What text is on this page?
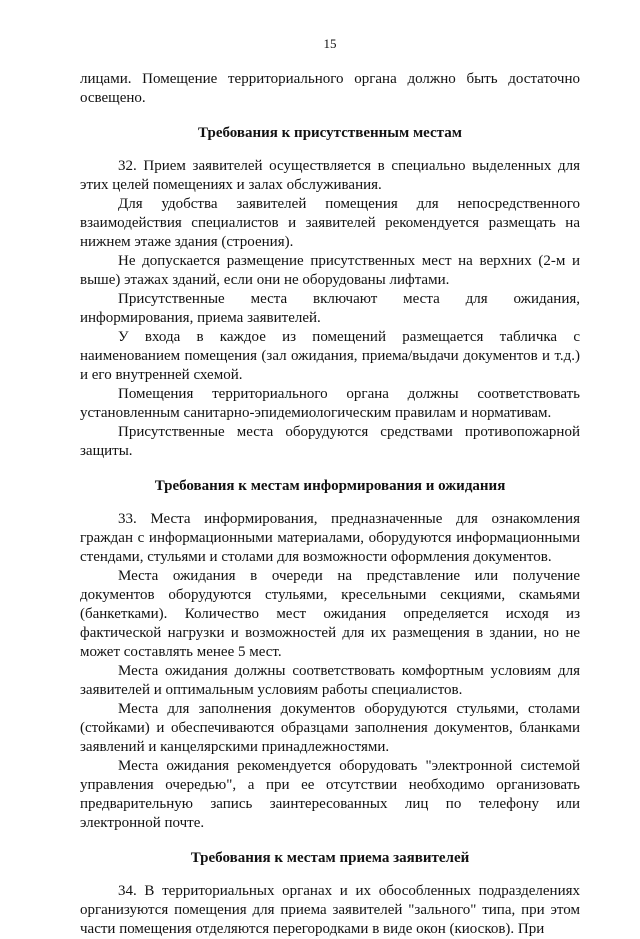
15

лицами. Помещение территориального органа должно быть достаточно освещено.

Требования к присутственным местам

32. Прием заявителей осуществляется в специально выделенных для этих целей помещениях и залах обслуживания.

Для удобства заявителей помещения для непосредственного взаимодействия специалистов и заявителей рекомендуется размещать на нижнем этаже здания (строения).

Не допускается размещение присутственных мест на верхних (2-м и выше) этажах зданий, если они не оборудованы лифтами.

Присутственные места включают места для ожидания, информирования, приема заявителей.

У входа в каждое из помещений размещается табличка с наименованием помещения (зал ожидания, приема/выдачи документов и т.д.) и его внутренней схемой.

Помещения территориального органа должны соответствовать установленным санитарно-эпидемиологическим правилам и нормативам.

Присутственные места оборудуются средствами противопожарной защиты.

Требования к местам информирования и ожидания

33. Места информирования, предназначенные для ознакомления граждан с информационными материалами, оборудуются информационными стендами, стульями и столами для возможности оформления документов.

Места ожидания в очереди на представление или получение документов оборудуются стульями, кресельными секциями, скамьями (банкетками). Количество мест ожидания определяется исходя из фактической нагрузки и возможностей для их размещения в здании, но не может составлять менее 5 мест.

Места ожидания должны соответствовать комфортным условиям для заявителей и оптимальным условиям работы специалистов.

Места для заполнения документов оборудуются стульями, столами (стойками) и обеспечиваются образцами заполнения документов, бланками заявлений и канцелярскими принадлежностями.

Места ожидания рекомендуется оборудовать "электронной системой управления очередью", а при ее отсутствии необходимо организовать предварительную запись заинтересованных лиц по телефону или электронной почте.

Требования к местам приема заявителей

34. В территориальных органах и их обособленных подразделениях организуются помещения для приема заявителей "зального" типа, при этом части помещения отделяются перегородками в виде окон (киосков). При
